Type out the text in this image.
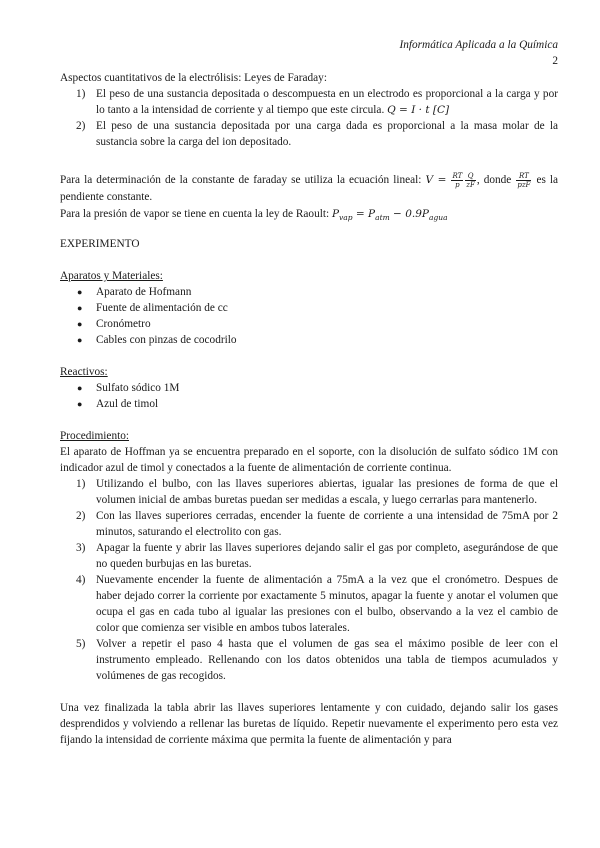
Informática Aplicada a la Química
2

Aspectos cuantitativos de la electrólisis: Leyes de Faraday:

1) El peso de una sustancia depositada o descompuesta en un electrodo es proporcional a la carga y por lo tanto a la intensidad de corriente y al tiempo que este circula. Q = I · t [C]
2) El peso de una sustancia depositada por una carga dada es proporcional a la masa molar de la sustancia sobre la carga del ion depositado.

Para la determinación de la constante de faraday se utiliza la ecuación lineal: $V = \frac{RT}{p} \frac{Q}{zF}$ , donde $\frac{RT}{\text{pzF}}$ es la pendiente constante.

Para la presión de vapor se tiene en cuenta la ley de Raoult: $P_{vap} = P_{atm} - 0.9P_{agua}$

EXPERIMENTO

Aparatos y Materiales:

● Aparato de Hofmann
● Fuente de alimentación de cc
● Cronómetro
● Cables con pinzas de cocodrilo

Reactivos:

● Sulfato sódico 1M
● Azul de timol

Procedimiento:

El aparato de Hoffman ya se encuentra preparado en el soporte, con la disolución de sulfato sódico 1M con indicador azul de timol y conectados a la fuente de alimentación de corriente continua.

1) Utilizando el bulbo, con las llaves superiores abiertas, igualar las presiones de forma de que el volumen inicial de ambas buretas puedan ser medidas a escala, y luego cerrarlas para mantenerlo.
2) Con las llaves superiores cerradas, encender la fuente de corriente a una intensidad de 75mA por 2 minutos, saturando el electrolito con gas.
3) Apagar la fuente y abrir las llaves superiores dejando salir el gas por completo, asegurándose de que no queden burbujas en las buretas.
4) Nuevamente encender la fuente de alimentación a 75mA a la vez que el cronómetro. Despues de haber dejado correr la corriente por exactamente 5 minutos, apagar la fuente y anotar el volumen que ocupa el gas en cada tubo al igualar las presiones con el bulbo, observando a la vez el cambio de color que comienza ser visible en ambos tubos laterales.
5) Volver a repetir el paso 4 hasta que el volumen de gas sea el máximo posible de leer con el instrumento empleado. Rellenando con los datos obtenidos una tabla de tiempos acumulados y volúmenes de gas recogidos.

Una vez finalizada la tabla abrir las llaves superiores lentamente y con cuidado, dejando salir los gases desprendidos y volviendo a rellenar las buretas de líquido. Repetir nuevamente el experimento pero esta vez fijando la intensidad de corriente máxima que permita la fuente de alimentación y para
